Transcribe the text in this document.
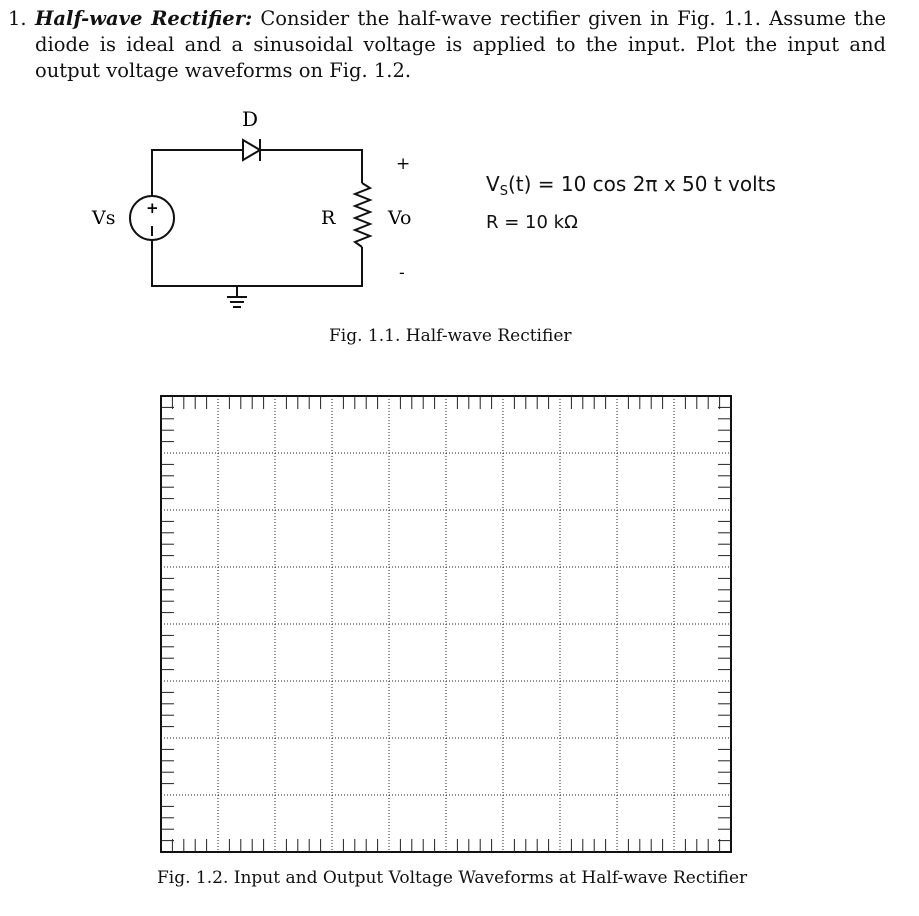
1. Half-wave Rectifier: Consider the half-wave rectifier given in Fig. 1.1. Assume the diode is ideal and a sinusoidal voltage is applied to the input. Plot the input and output voltage waveforms on Fig. 1.2.
D
Vs +	R
+
Vo
-
$V_S(t) = 10$ cos 2π x 50 t volts
R = 10 kΩ
Fig. 1.1. Half-wave Rectifier
Fig. 1.2. Input and Output Voltage Waveforms at Half-wave Rectifier
